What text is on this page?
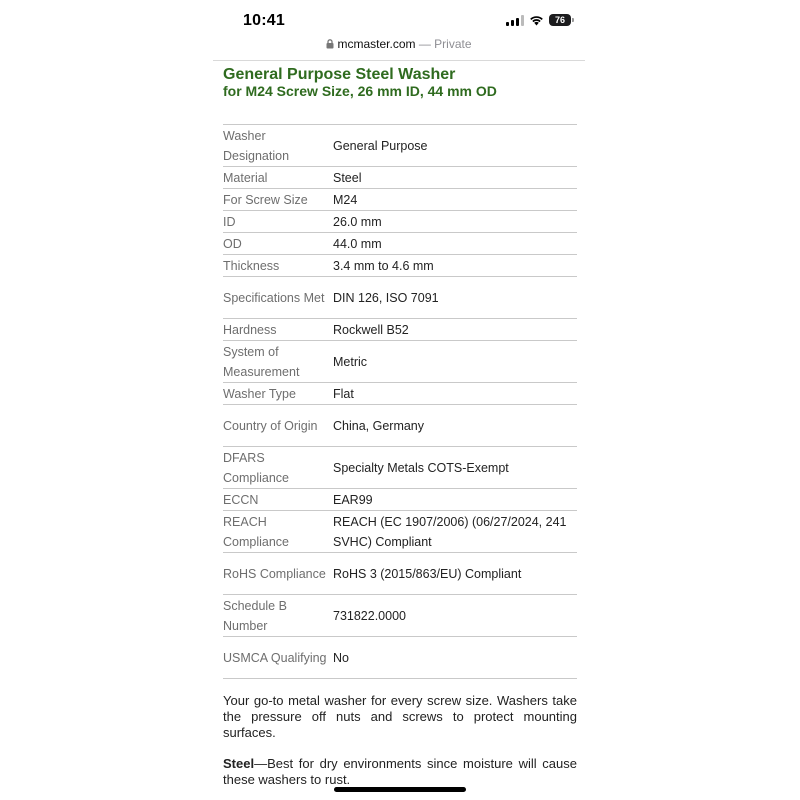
10:41	76
mcmaster.com — Private
General Purpose Steel Washer
for M24 Screw Size, 26 mm ID, 44 mm OD
Washer Designation	General Purpose
Material	Steel
For Screw Size	M24
ID	26.0 mm
OD	44.0 mm
Thickness	3.4 mm to 4.6 mm
Specifications Met	DIN 126, ISO 7091
Hardness	Rockwell B52
System of Measurement	Metric
Washer Type	Flat
Country of Origin	China, Germany
DFARS Compliance	Specialty Metals COTS-Exempt
ECCN	EAR99
REACH Compliance	REACH (EC 1907/2006) (06/27/2024, 241 SVHC) Compliant
RoHS Compliance	RoHS 3 (2015/863/EU) Compliant
Schedule B Number	731822.0000
USMCA Qualifying	No

Your go-to metal washer for every screw size. Washers take the pressure off nuts and screws to protect mounting surfaces.

Steel—Best for dry environments since moisture will cause these washers to rust.
